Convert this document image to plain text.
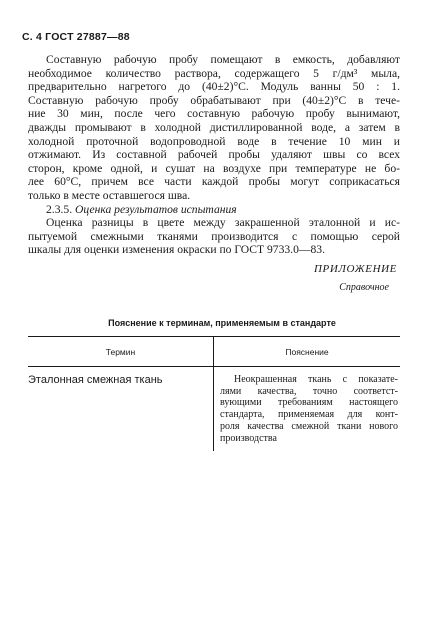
С. 4 ГОСТ 27887—88
Составную рабочую пробу помещают в емкость, добавляют
необходимое количество раствора, содержащего 5 г/дм³ мыла,
предварительно нагретого до (40±2)°С. Модуль ванны 50 : 1.
Составную рабочую пробу обрабатывают при (40±2)°С в тече-
ние 30 мин, после чего составную рабочую пробу вынимают,
дважды промывают в холодной дистиллированной воде, а затем в
холодной проточной водопроводной воде в течение 10 мин и
отжимают. Из составной рабочей пробы удаляют швы со всех
сторон, кроме одной, и сушат на воздухе при температуре не бо-
лее 60°С, причем все части каждой пробы могут соприкасаться
только в месте оставшегося шва.
2.3.5. Оценка результатов испытания
Оценка разницы в цвете между закрашенной эталонной и ис-
пытуемой смежными тканями производится с помощью серой
шкалы для оценки изменения окраски по ГОСТ 9733.0—83.
ПРИЛОЖЕНИЕ
Справочное
Пояснение к терминам, применяемым в стандарте
Термин	Пояснение
Эталонная смежная ткань	Неокрашенная ткань с показате-
лями качества, точно соответст-
вующими требованиям настоящего
стандарта, применяемая для конт-
роля качества смежной ткани нового
производства
